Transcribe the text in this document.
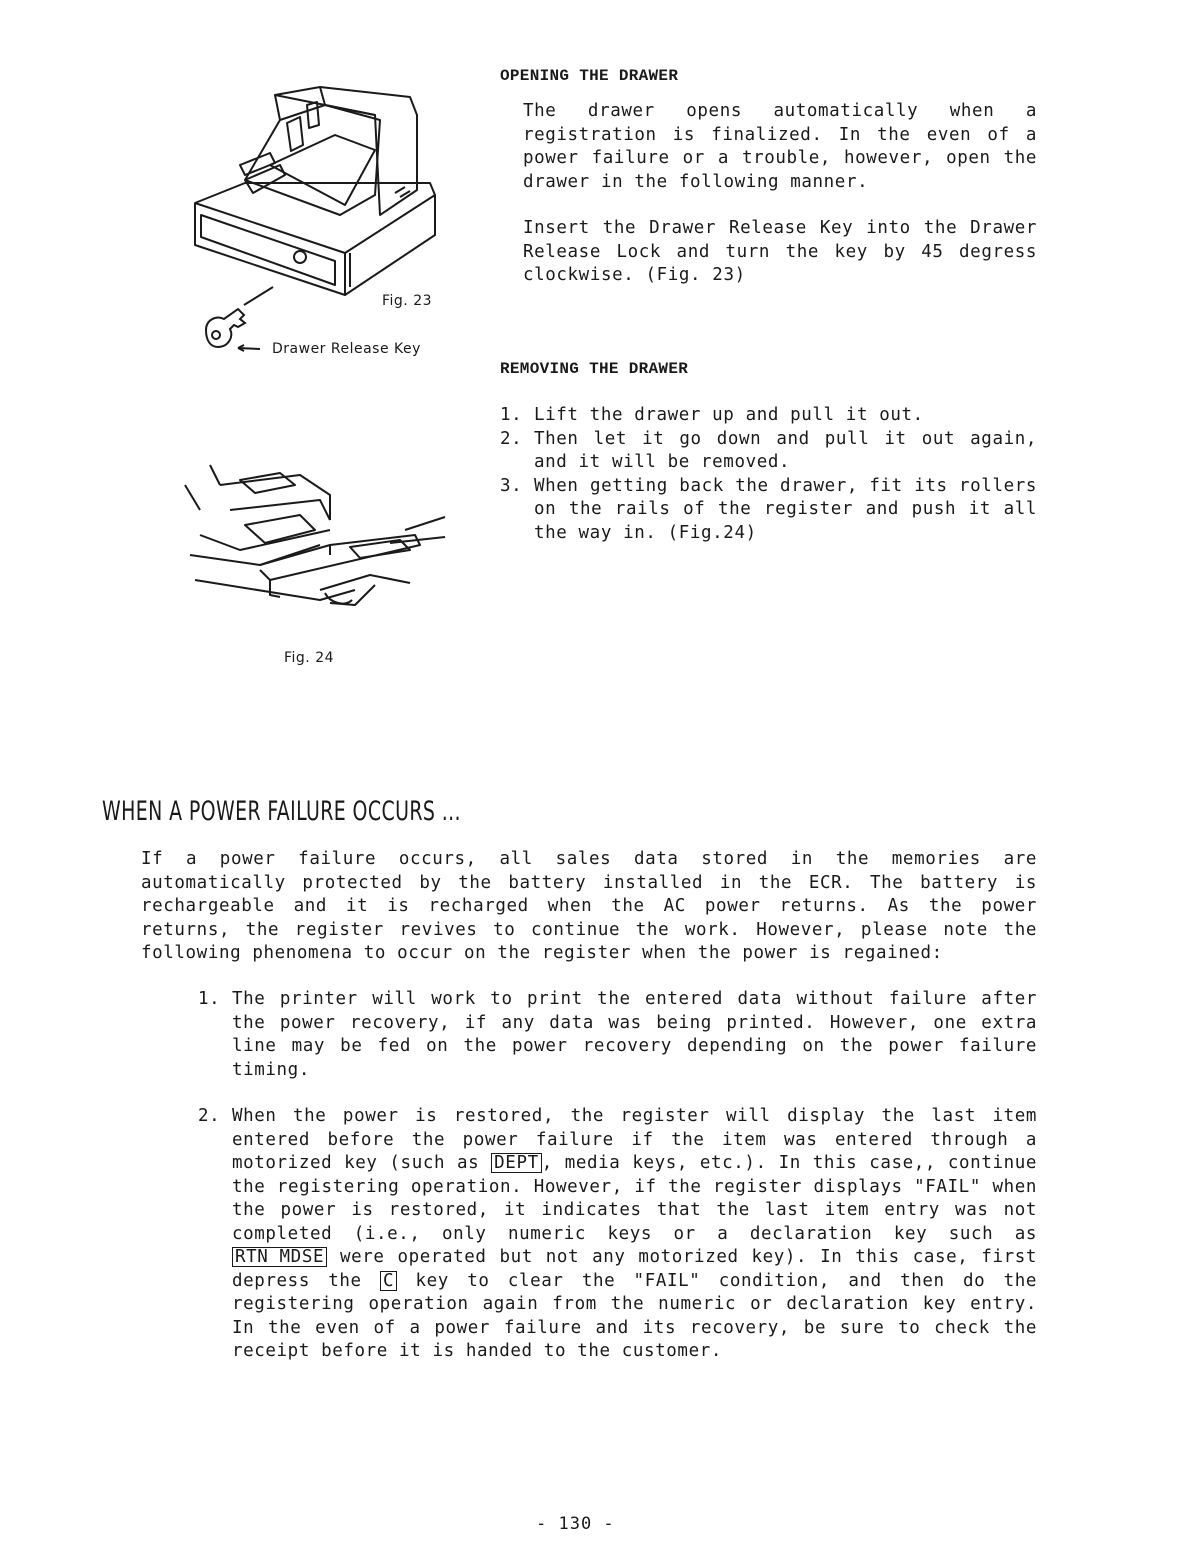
Fig. 23
Drawer Release Key
Fig. 24
OPENING THE DRAWER
The drawer opens automatically when a registration is finalized. In the even of a power failure or a trouble, however, open the drawer in the following manner.
Insert the Drawer Release Key into the Drawer Release Lock and turn the key by 45 degress clockwise. (Fig. 23)
REMOVING THE DRAWER
1. Lift the drawer up and pull it out.
2. Then let it go down and pull it out again, and it will be removed.
3. When getting back the drawer, fit its rollers on the rails of the register and push it all the way in. (Fig.24)
WHEN A POWER FAILURE OCCURS ...
If a power failure occurs, all sales data stored in the memories are automatically protected by the battery installed in the ECR. The battery is rechargeable and it is recharged when the AC power returns. As the power returns, the register revives to continue the work. However, please note the following phenomena to occur on the register when the power is regained:
1. The printer will work to print the entered data without failure after the power recovery, if any data was being printed. However, one extra line may be fed on the power recovery depending on the power failure timing.
2. When the power is restored, the register will display the last item entered before the power failure if the item was entered through a motorized key (such as DEPT , media keys, etc.). In this case,, continue the registering operation. However, if the register displays "FAIL" when the power is restored, it indicates that the last item entry was not completed (i.e., only numeric keys or a declaration key such as RTN MDSE were operated but not any motorized key). In this case, first depress the C key to clear the "FAIL" condition, and then do the registering operation again from the numeric or declaration key entry. In the even of a power failure and its recovery, be sure to check the receipt before it is handed to the customer.
- 130 -
